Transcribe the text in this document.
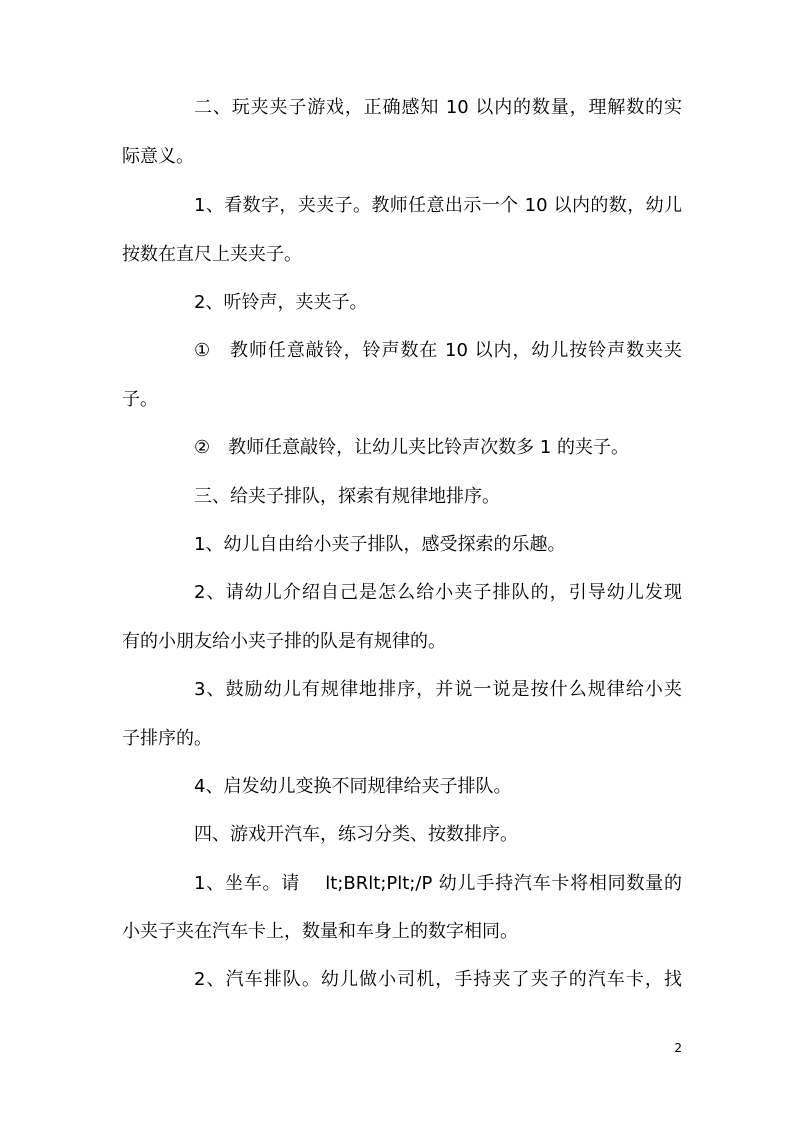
二、玩夹夹子游戏，正确感知 10 以内的数量，理解数的实
际意义。
1、看数字，夹夹子。教师任意出示一个 10 以内的数，幼儿
按数在直尺上夹夹子。
2、听铃声，夹夹子。
①　教师任意敲铃，铃声数在 10 以内，幼儿按铃声数夹夹
子。
②　教师任意敲铃，让幼儿夹比铃声次数多 1 的夹子。
三、给夹子排队，探索有规律地排序。
1、幼儿自由给小夹子排队，感受探索的乐趣。
2、请幼儿介绍自己是怎么给小夹子排队的，引导幼儿发现
有的小朋友给小夹子排的队是有规律的。
3、鼓励幼儿有规律地排序，并说一说是按什么规律给小夹
子排序的。
4、启发幼儿变换不同规律给夹子排队。
四、游戏开汽车，练习分类、按数排序。
1、坐车。请　 lt;BRlt;Plt;/P 幼儿手持汽车卡将相同数量的
小夹子夹在汽车卡上，数量和车身上的数字相同。
2、汽车排队。幼儿做小司机，手持夹了夹子的汽车卡，找
2
